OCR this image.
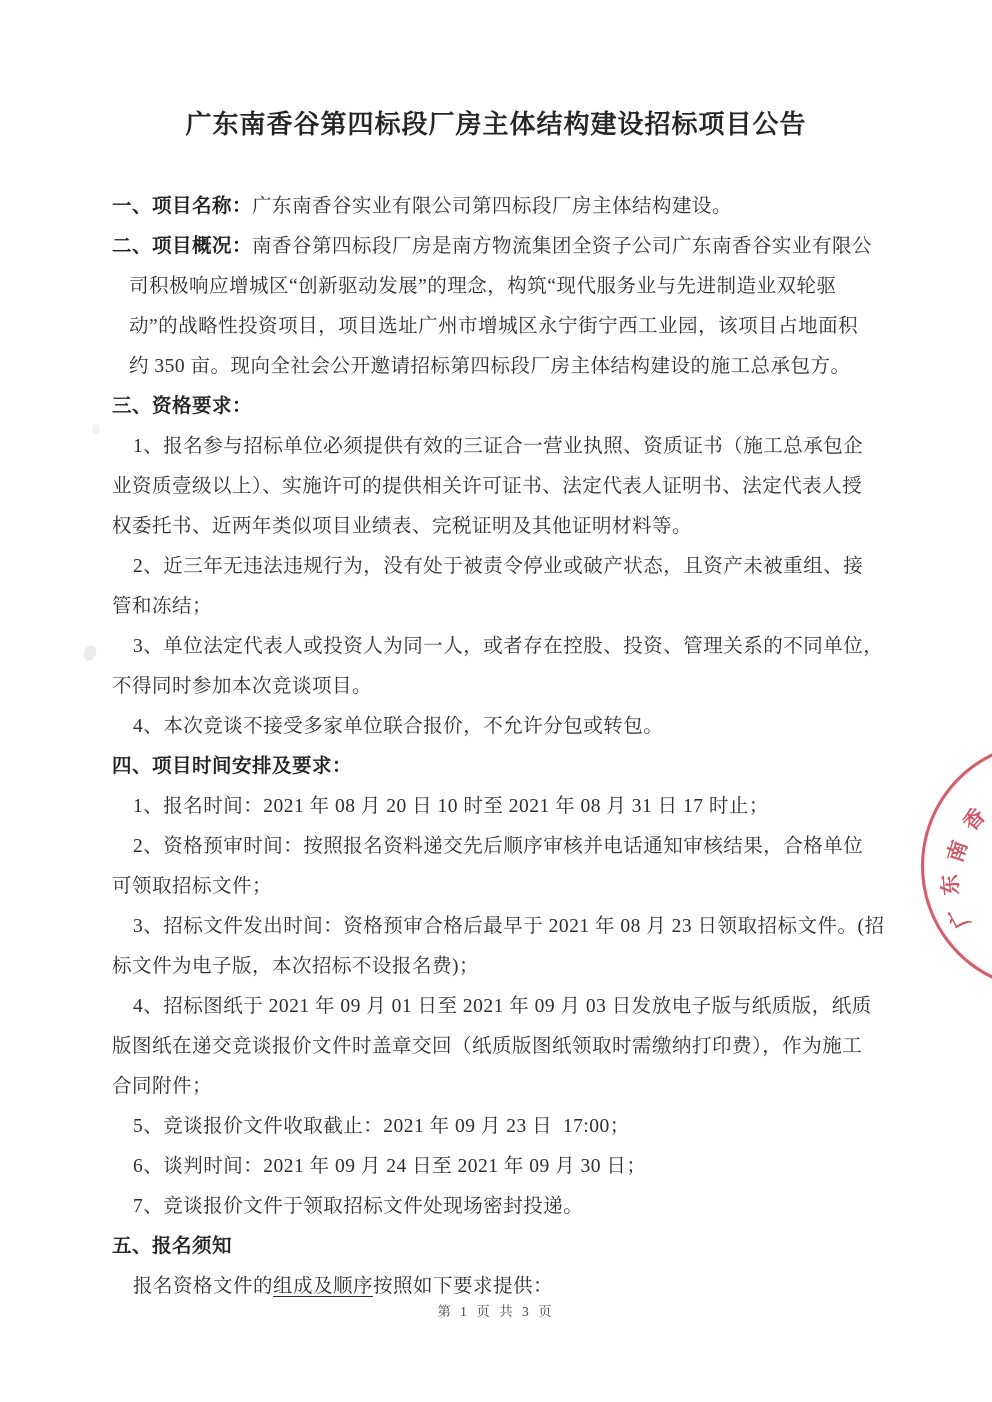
广东南香谷第四标段厂房主体结构建设招标项目公告
一、项目名称：广东南香谷实业有限公司第四标段厂房主体结构建设。
二、项目概况：南香谷第四标段厂房是南方物流集团全资子公司广东南香谷实业有限公
司积极响应增城区“创新驱动发展”的理念，构筑“现代服务业与先进制造业双轮驱
动”的战略性投资项目，项目选址广州市增城区永宁街宁西工业园，该项目占地面积
约 350 亩。现向全社会公开邀请招标第四标段厂房主体结构建设的施工总承包方。
三、资格要求：
1、报名参与招标单位必须提供有效的三证合一营业执照、资质证书（施工总承包企
业资质壹级以上）、实施许可的提供相关许可证书、法定代表人证明书、法定代表人授
权委托书、近两年类似项目业绩表、完税证明及其他证明材料等。
2、近三年无违法违规行为，没有处于被责令停业或破产状态，且资产未被重组、接
管和冻结；
3、单位法定代表人或投资人为同一人，或者存在控股、投资、管理关系的不同单位，
不得同时参加本次竞谈项目。
4、本次竞谈不接受多家单位联合报价，不允许分包或转包。
四、项目时间安排及要求：
1、报名时间：2021 年 08 月 20 日 10 时至 2021 年 08 月 31 日 17 时止；
2、资格预审时间：按照报名资料递交先后顺序审核并电话通知审核结果，合格单位
可领取招标文件；
3、招标文件发出时间：资格预审合格后最早于 2021 年 08 月 23 日领取招标文件。(招
标文件为电子版，本次招标不设报名费)；
4、招标图纸于 2021 年 09 月 01 日至 2021 年 09 月 03 日发放电子版与纸质版，纸质
版图纸在递交竞谈报价文件时盖章交回（纸质版图纸领取时需缴纳打印费），作为施工
合同附件；
5、竞谈报价文件收取截止：2021 年 09 月 23 日  17:00；
6、谈判时间：2021 年 09 月 24 日至 2021 年 09 月 30 日；
7、竞谈报价文件于领取招标文件处现场密封投递。
五、报名须知
报名资格文件的组成及顺序按照如下要求提供：
第 1 页 共 3 页
香
南
东
广
